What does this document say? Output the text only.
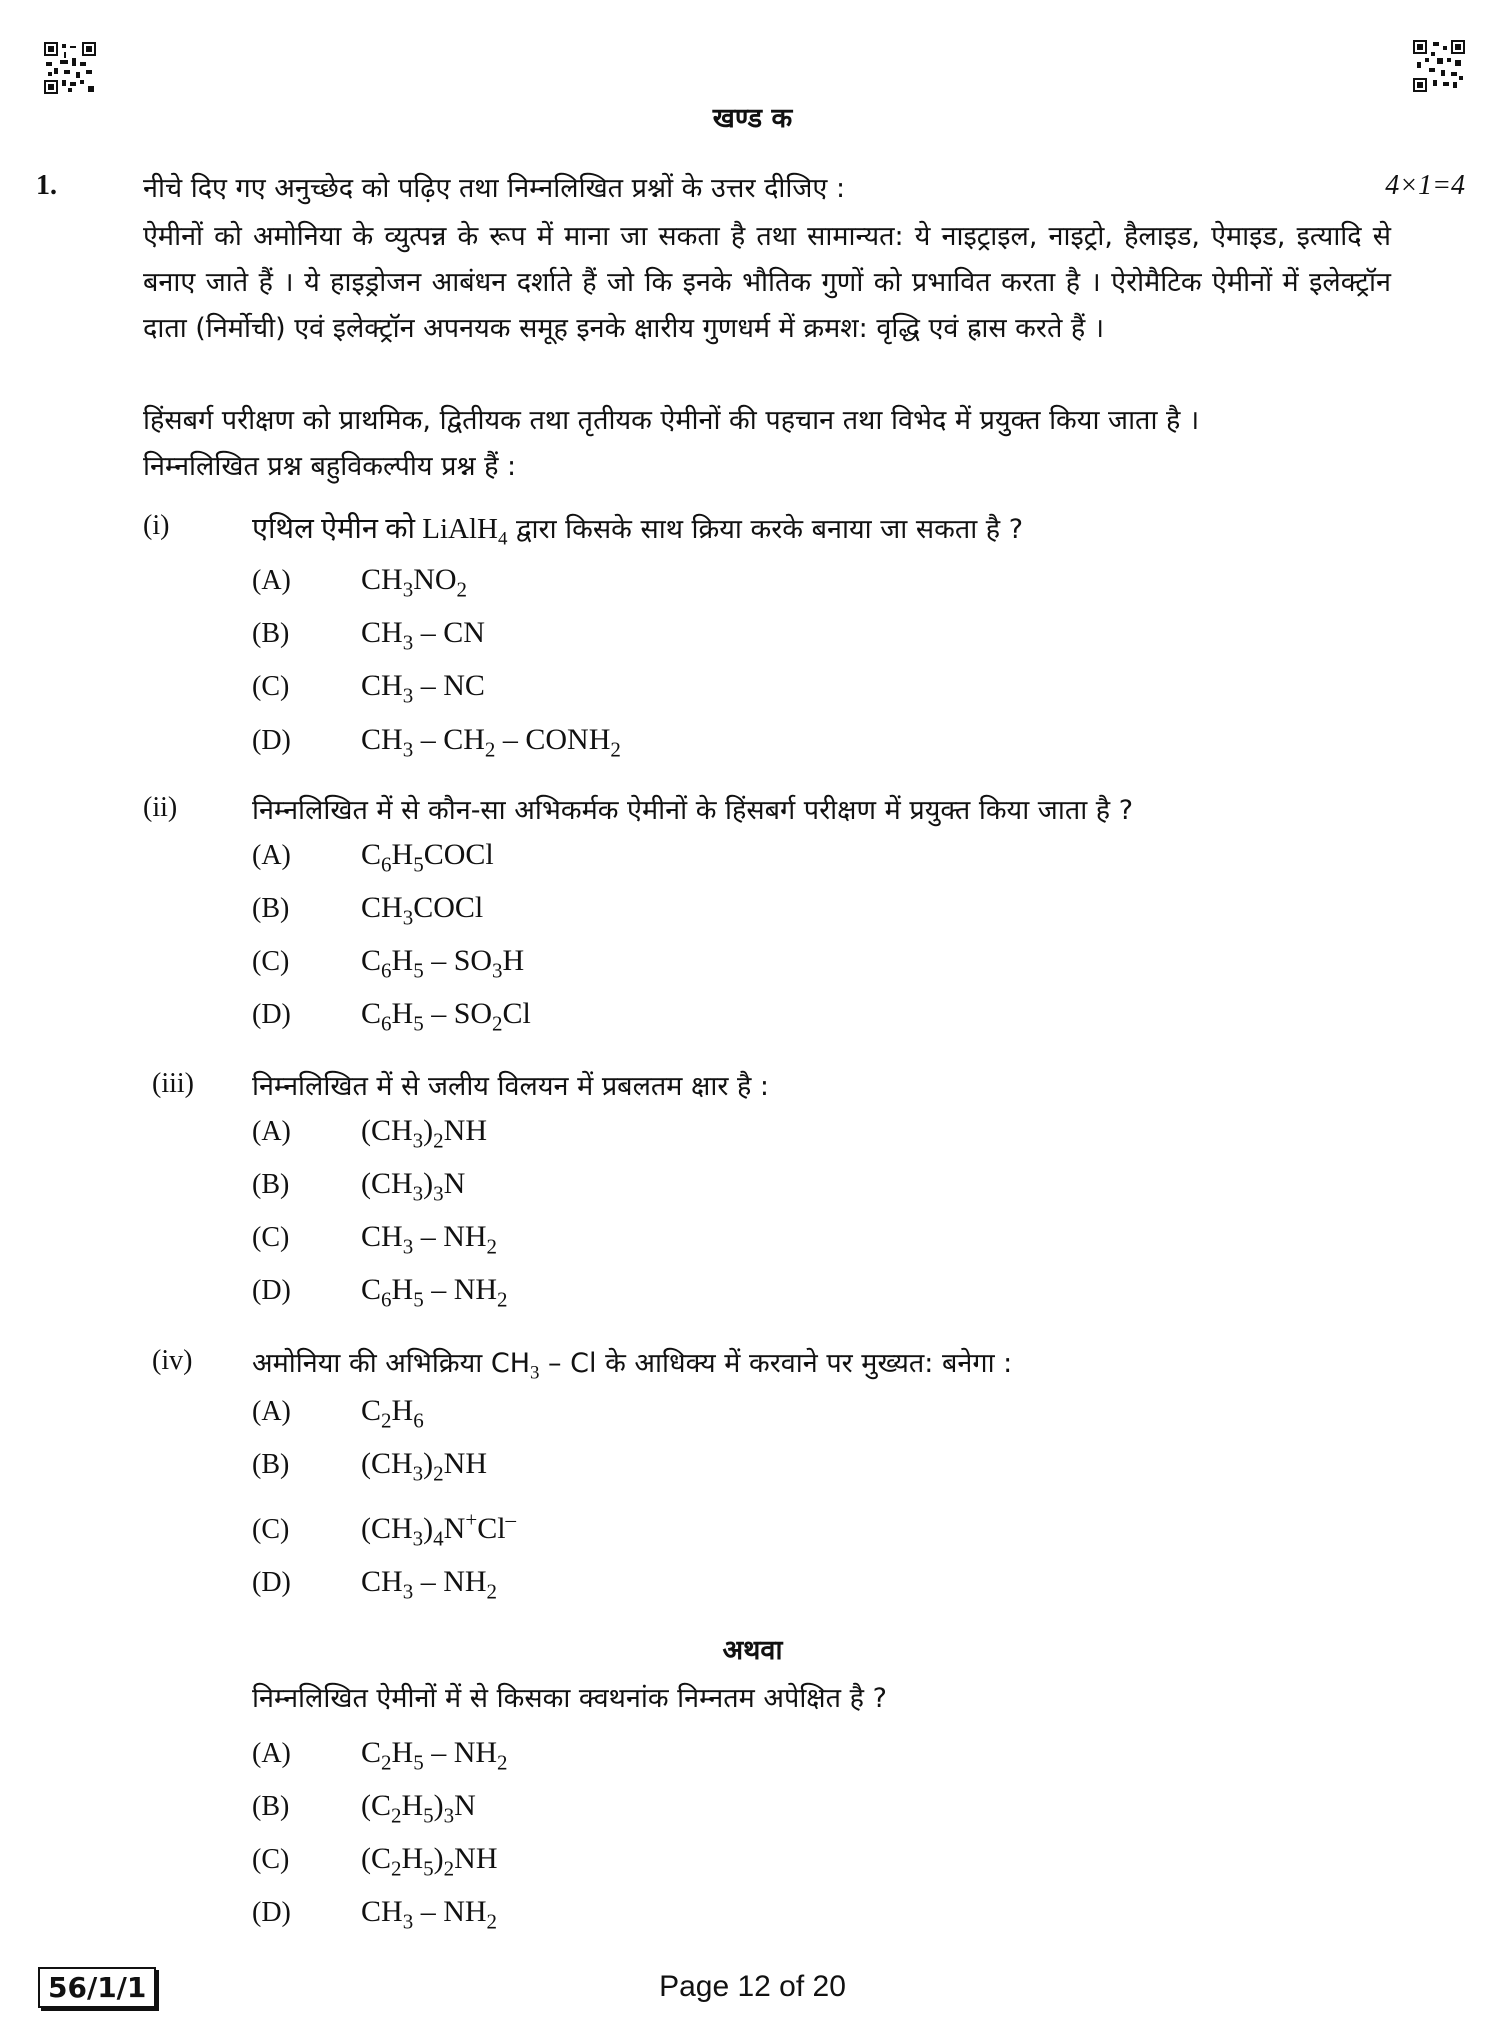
खण्ड क
1.	नीचे दिए गए अनुच्छेद को पढ़िए तथा निम्नलिखित प्रश्नों के उत्तर दीजिए :	4×1=4
ऐमीनों को अमोनिया के व्युत्पन्न के रूप में माना जा सकता है तथा सामान्यत: ये नाइट्राइल, नाइट्रो, हैलाइड, ऐमाइड, इत्यादि से बनाए जाते हैं । ये हाइड्रोजन आबंधन दर्शाते हैं जो कि इनके भौतिक गुणों को प्रभावित करता है । ऐरोमैटिक ऐमीनों में इलेक्ट्रॉन दाता (निर्मोची) एवं इलेक्ट्रॉन अपनयक समूह इनके क्षारीय गुणधर्म में क्रमश: वृद्धि एवं ह्रास करते हैं ।
हिंसबर्ग परीक्षण को प्राथमिक, द्वितीयक तथा तृतीयक ऐमीनों की पहचान तथा विभेद में प्रयुक्त किया जाता है ।
निम्नलिखित प्रश्न बहुविकल्पीय प्रश्न हैं :
(i)	एथिल ऐमीन को LiAlH$_4$ द्वारा किसके साथ क्रिया करके बनाया जा सकता है ?
(A) $CH_3NO_2$
(B) $CH_3$ – CN
(C) $CH_3$ – NC
(D) $CH_3 - CH_2$ – $CONH_2$
(ii)	निम्नलिखित में से कौन-सा अभिकर्मक ऐमीनों के हिंसबर्ग परीक्षण में प्रयुक्त किया जाता है ?
(A) $C_6H_5COCl$
(B) $CH_3COCl$
(C) $C_6H_5 - SO_3H$
(D) $C_6H_5 - SO_2Cl$
(iii) निम्नलिखित में से जलीय विलयन में प्रबलतम क्षार है :
(A) $(CH_3)_2NH$
(B) $(CH_3)_3N$
(C) $CH_3 - NH_2$
(D) $C_6H_5 - NH_2$
(iv) अमोनिया की अभिक्रिया $CH_3$ – Cl के आधिक्य में करवाने पर मुख्यत: बनेगा :
(A) $C_2H_6$
(B) $(CH_3)_2NH$
(C) $(CH_3)_4N^+Cl^-$
(D) $CH_3 - NH_2$
अथवा
निम्नलिखित ऐमीनों में से किसका क्वथनांक निम्नतम अपेक्षित है ?
(A) $C_2H_5 - NH_2$
(B) $(C_2H_5)_3N$
(C) $(C_2H_5)_2NH$
(D) $CH_3 - NH_2$
56/1/1	Page 12 of 20
